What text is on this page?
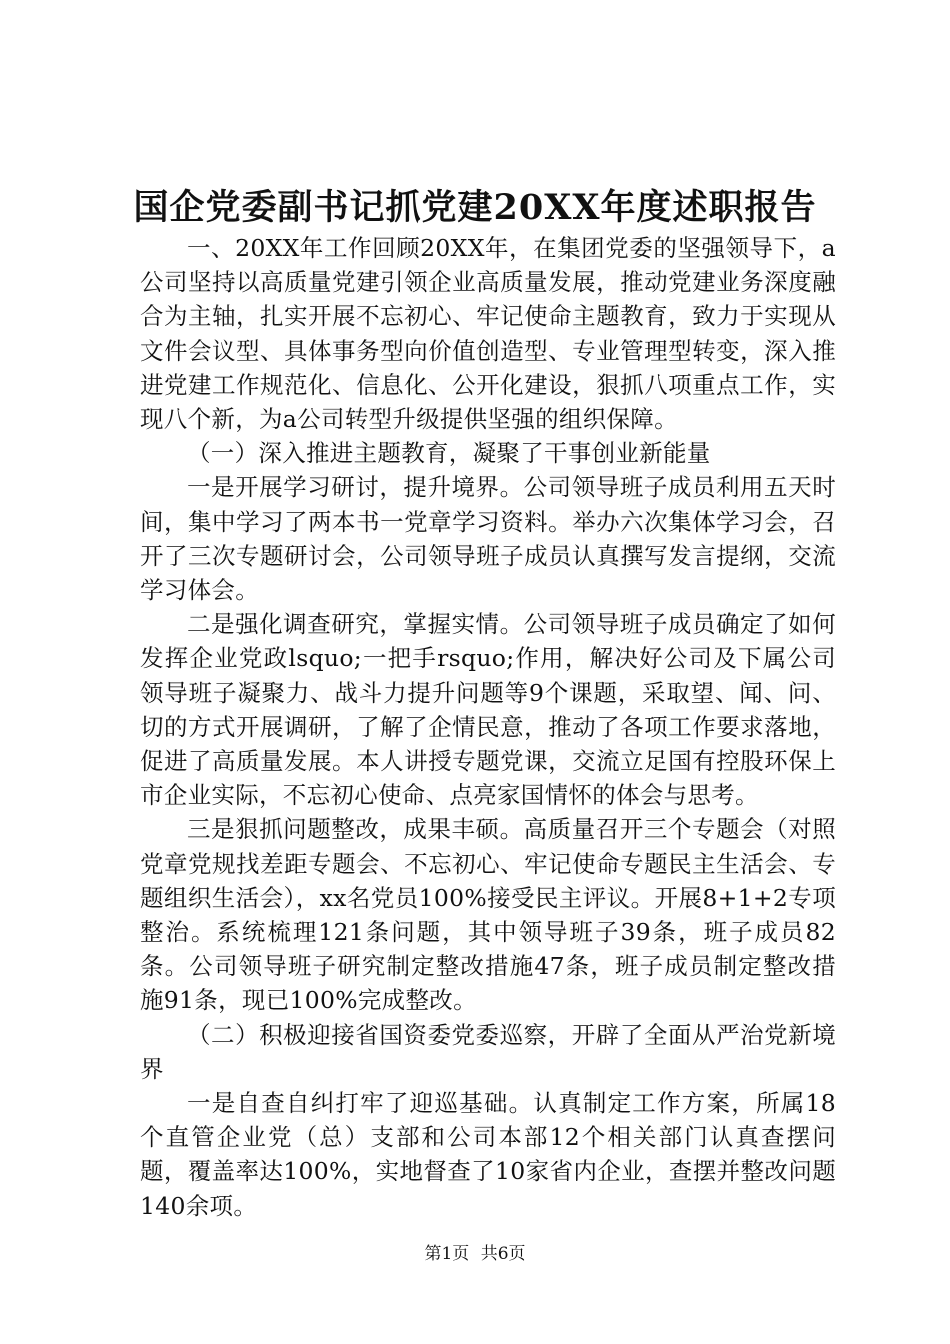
国企党委副书记抓党建20XX年度述职报告

一、20XX年工作回顾20XX年，在集团党委的坚强领导下，a公司坚持以高质量党建引领企业高质量发展，推动党建业务深度融合为主轴，扎实开展不忘初心、牢记使命主题教育，致力于实现从文件会议型、具体事务型向价值创造型、专业管理型转变，深入推进党建工作规范化、信息化、公开化建设，狠抓八项重点工作，实现八个新，为a公司转型升级提供坚强的组织保障。

（一）深入推进主题教育，凝聚了干事创业新能量

一是开展学习研讨，提升境界。公司领导班子成员利用五天时间，集中学习了两本书一党章学习资料。举办六次集体学习会，召开了三次专题研讨会，公司领导班子成员认真撰写发言提纲，交流学习体会。

二是强化调查研究，掌握实情。公司领导班子成员确定了如何发挥企业党政lsquo;一把手rsquo;作用，解决好公司及下属公司领导班子凝聚力、战斗力提升问题等9个课题，采取望、闻、问、切的方式开展调研，了解了企情民意，推动了各项工作要求落地，促进了高质量发展。本人讲授专题党课，交流立足国有控股环保上市企业实际，不忘初心使命、点亮家国情怀的体会与思考。

三是狠抓问题整改，成果丰硕。高质量召开三个专题会（对照党章党规找差距专题会、不忘初心、牢记使命专题民主生活会、专题组织生活会），xx名党员100%接受民主评议。开展8+1+2专项整治。系统梳理121条问题，其中领导班子39条，班子成员82条。公司领导班子研究制定整改措施47条，班子成员制定整改措施91条，现已100%完成整改。

（二）积极迎接省国资委党委巡察，开辟了全面从严治党新境界

一是自查自纠打牢了迎巡基础。认真制定工作方案，所属18个直管企业党（总）支部和公司本部12个相关部门认真查摆问题，覆盖率达100%，实地督查了10家省内企业，查摆并整改问题140余项。

第1页 共6页
